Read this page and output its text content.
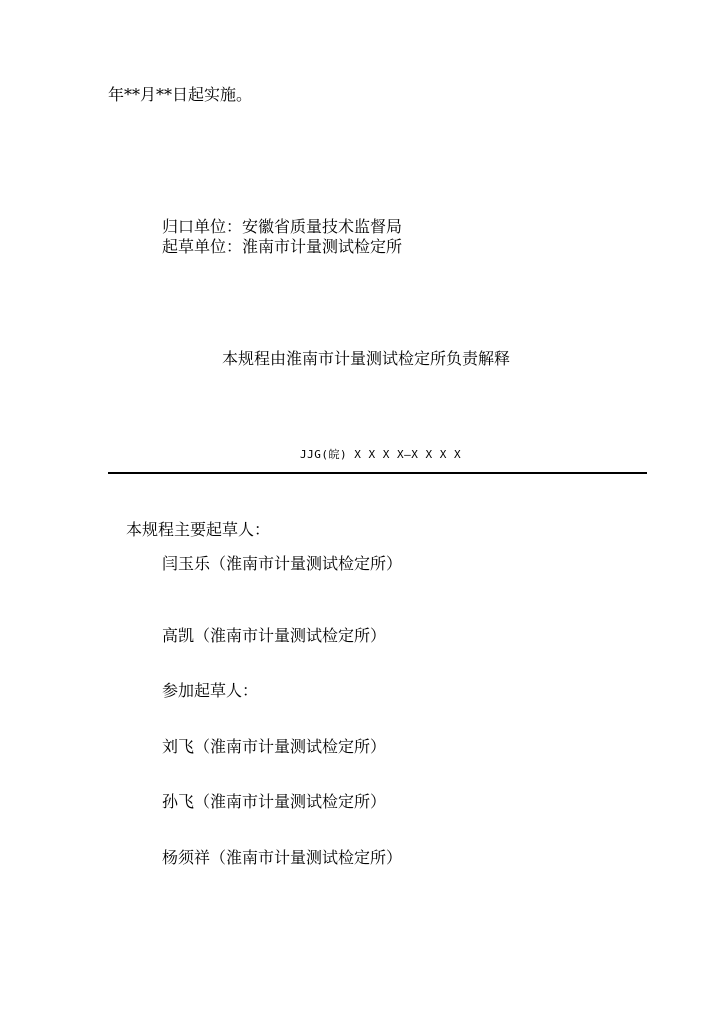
年**月**日起实施。
归口单位：安徽省质量技术监督局
起草单位：淮南市计量测试检定所
本规程由淮南市计量测试检定所负责解释
JJG(皖) X X X X—X X X X
本规程主要起草人：
闫玉乐（淮南市计量测试检定所）
高凯（淮南市计量测试检定所）
参加起草人：
刘飞（淮南市计量测试检定所）
孙飞（淮南市计量测试检定所）
杨须祥（淮南市计量测试检定所）
